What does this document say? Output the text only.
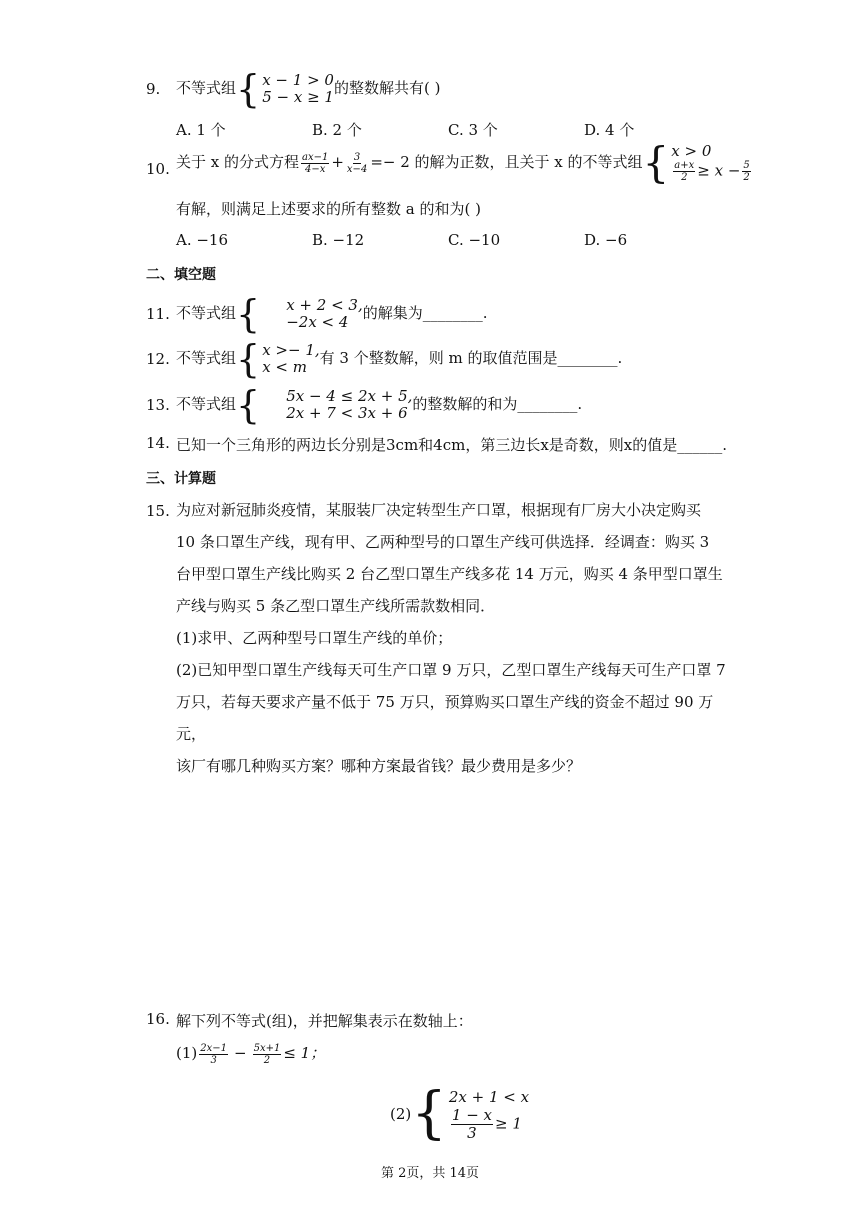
9. 不等式组 { x − 1 > 0
5 − x ≥ 1 的整数解共有( )
A. 1 个	B. 2 个	C. 3 个	D. 4 个
10. 关于 x 的分式方程 $\frac{ax-1}{4-x} + \frac{3}{x-4} =- 2$ 的解为正数，且关于 x 的不等式组 { x > 0
$\frac{a+x}{2} \ge x - \frac{5}{2}$
有解，则满足上述要求的所有整数 a 的和为( )
A. −16	B. −12	C. −10	D. −6
二、填空题
11. 不等式组 { x + 2 < 3,
−2x < 4 的解集为________.
12. 不等式组 { x >− 1,
x < m 有 3 个整数解，则 m 的取值范围是________.
13. 不等式组 { 5x − 4 ≤ 2x + 5,
2x + 7 < 3x + 6 的整数解的和为________.
14. 已知一个三角形的两边长分别是3cm和4cm，第三边长x是奇数，则x的值是______.
三、计算题
15. 为应对新冠肺炎疫情，某服装厂决定转型生产口罩，根据现有厂房大小决定购买
10 条口罩生产线，现有甲、乙两种型号的口罩生产线可供选择．经调查：购买 3
台甲型口罩生产线比购买 2 台乙型口罩生产线多花 14 万元，购买 4 条甲型口罩生
产线与购买 5 条乙型口罩生产线所需款数相同．
(1)求甲、乙两种型号口罩生产线的单价；
(2)已知甲型口罩生产线每天可生产口罩 9 万只，乙型口罩生产线每天可生产口罩 7
万只，若每天要求产量不低于 75 万只，预算购买口罩生产线的资金不超过 90 万元，
该厂有哪几种购买方案？哪种方案最省钱？最少费用是多少？
16. 解下列不等式(组)，并把解集表示在数轴上：
$(1) \frac{2x-1}{3} - \frac{5x+1}{2} \le 1$；
(2) { 2x + 1 < x
$\frac{1 - x}{3} \ge 1$
第 2页，共 14页
